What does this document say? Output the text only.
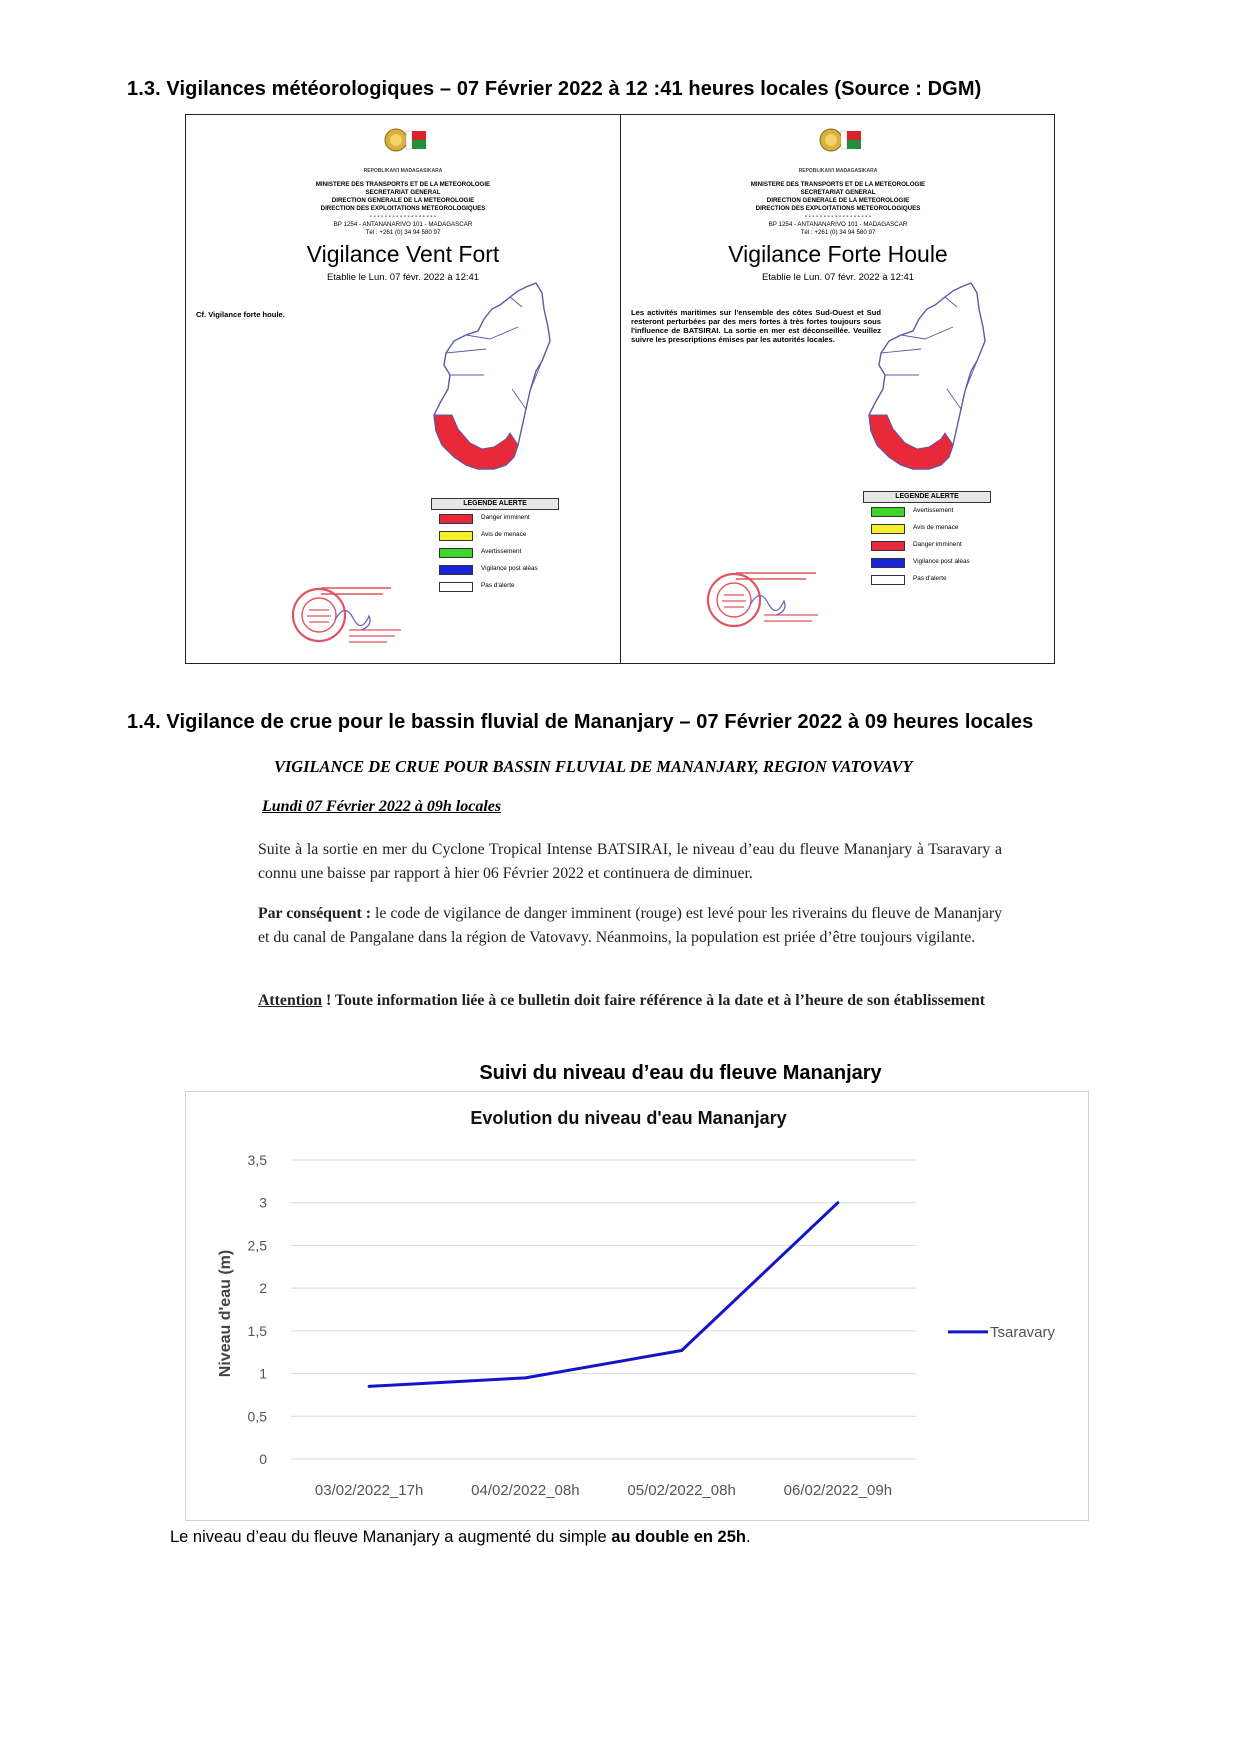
1.3. Vigilances météorologiques – 07 Février 2022 à 12 :41 heures locales (Source : DGM)
REPOBLIKAN'I MADAGASIKARA
MINISTERE DES TRANSPORTS ET DE LA METEOROLOGIE
SECRETARIAT GENERAL
DIRECTION GENERALE DE LA METEOROLOGIE
DIRECTION DES EXPLOITATIONS METEOROLOGIQUES
- - - - - - - - - - - - - - - - - -
BP 1254 - ANTANANARIVO 101 - MADAGASCAR
Tél : +261 (0) 34 94 580 97
Vigilance Vent Fort
Etablie le Lun. 07 févr. 2022 à 12:41
Cf. Vigilance forte houle.
LEGENDE ALERTE
Danger imminent
Avis de menace
Avertissement
Vigilance post aléas
Pas d'alerte
REPOBLIKAN'I MADAGASIKARA
MINISTERE DES TRANSPORTS ET DE LA METEOROLOGIE
SECRETARIAT GENERAL
DIRECTION GENERALE DE LA METEOROLOGIE
DIRECTION DES EXPLOITATIONS METEOROLOGIQUES
- - - - - - - - - - - - - - - - - -
BP 1254 - ANTANANARIVO 101 - MADAGASCAR
Tél : +261 (0) 34 94 580 97
Vigilance Forte Houle
Etablie le Lun. 07 févr. 2022 à 12:41
Les activités maritimes sur l'ensemble des côtes Sud-Ouest et Sud resteront perturbées par des mers fortes à très fortes toujours sous l'influence de BATSIRAI. La sortie en mer est déconseillée. Veuillez suivre les prescriptions émises par les autorités locales.
LEGENDE ALERTE
Avertissement
Avis de menace
Danger imminent
Vigilance post aléas
Pas d'alerte
1.4. Vigilance de crue pour le bassin fluvial de Mananjary – 07 Février 2022 à 09 heures locales
VIGILANCE DE CRUE POUR BASSIN FLUVIAL DE MANANJARY, REGION VATOVAVY
Lundi 07 Février 2022 à 09h locales
Suite à la sortie en mer du Cyclone Tropical Intense BATSIRAI, le niveau d’eau du fleuve Mananjary à Tsaravary a connu une baisse par rapport à hier 06 Février 2022 et continuera de diminuer.
Par conséquent : le code de vigilance de danger imminent (rouge) est levé pour les riverains du fleuve de Mananjary et du canal de Pangalane dans la région de Vatovavy. Néanmoins, la population est priée d’être toujours vigilante.
Attention ! Toute information liée à ce bulletin doit faire référence à la date et à l’heure de son établissement
Suivi du niveau d’eau du fleuve Mananjary
Evolution du niveau d'eau Mananjary
0
0,5
1
1,5
2
2,5
3
3,5
Niveau d'eau (m)
03/02/2022_17h	04/02/2022_08h	05/02/2022_08h	06/02/2022_09h
Tsaravary
Le niveau d’eau du fleuve Mananjary a augmenté du simple au double en 25h.
